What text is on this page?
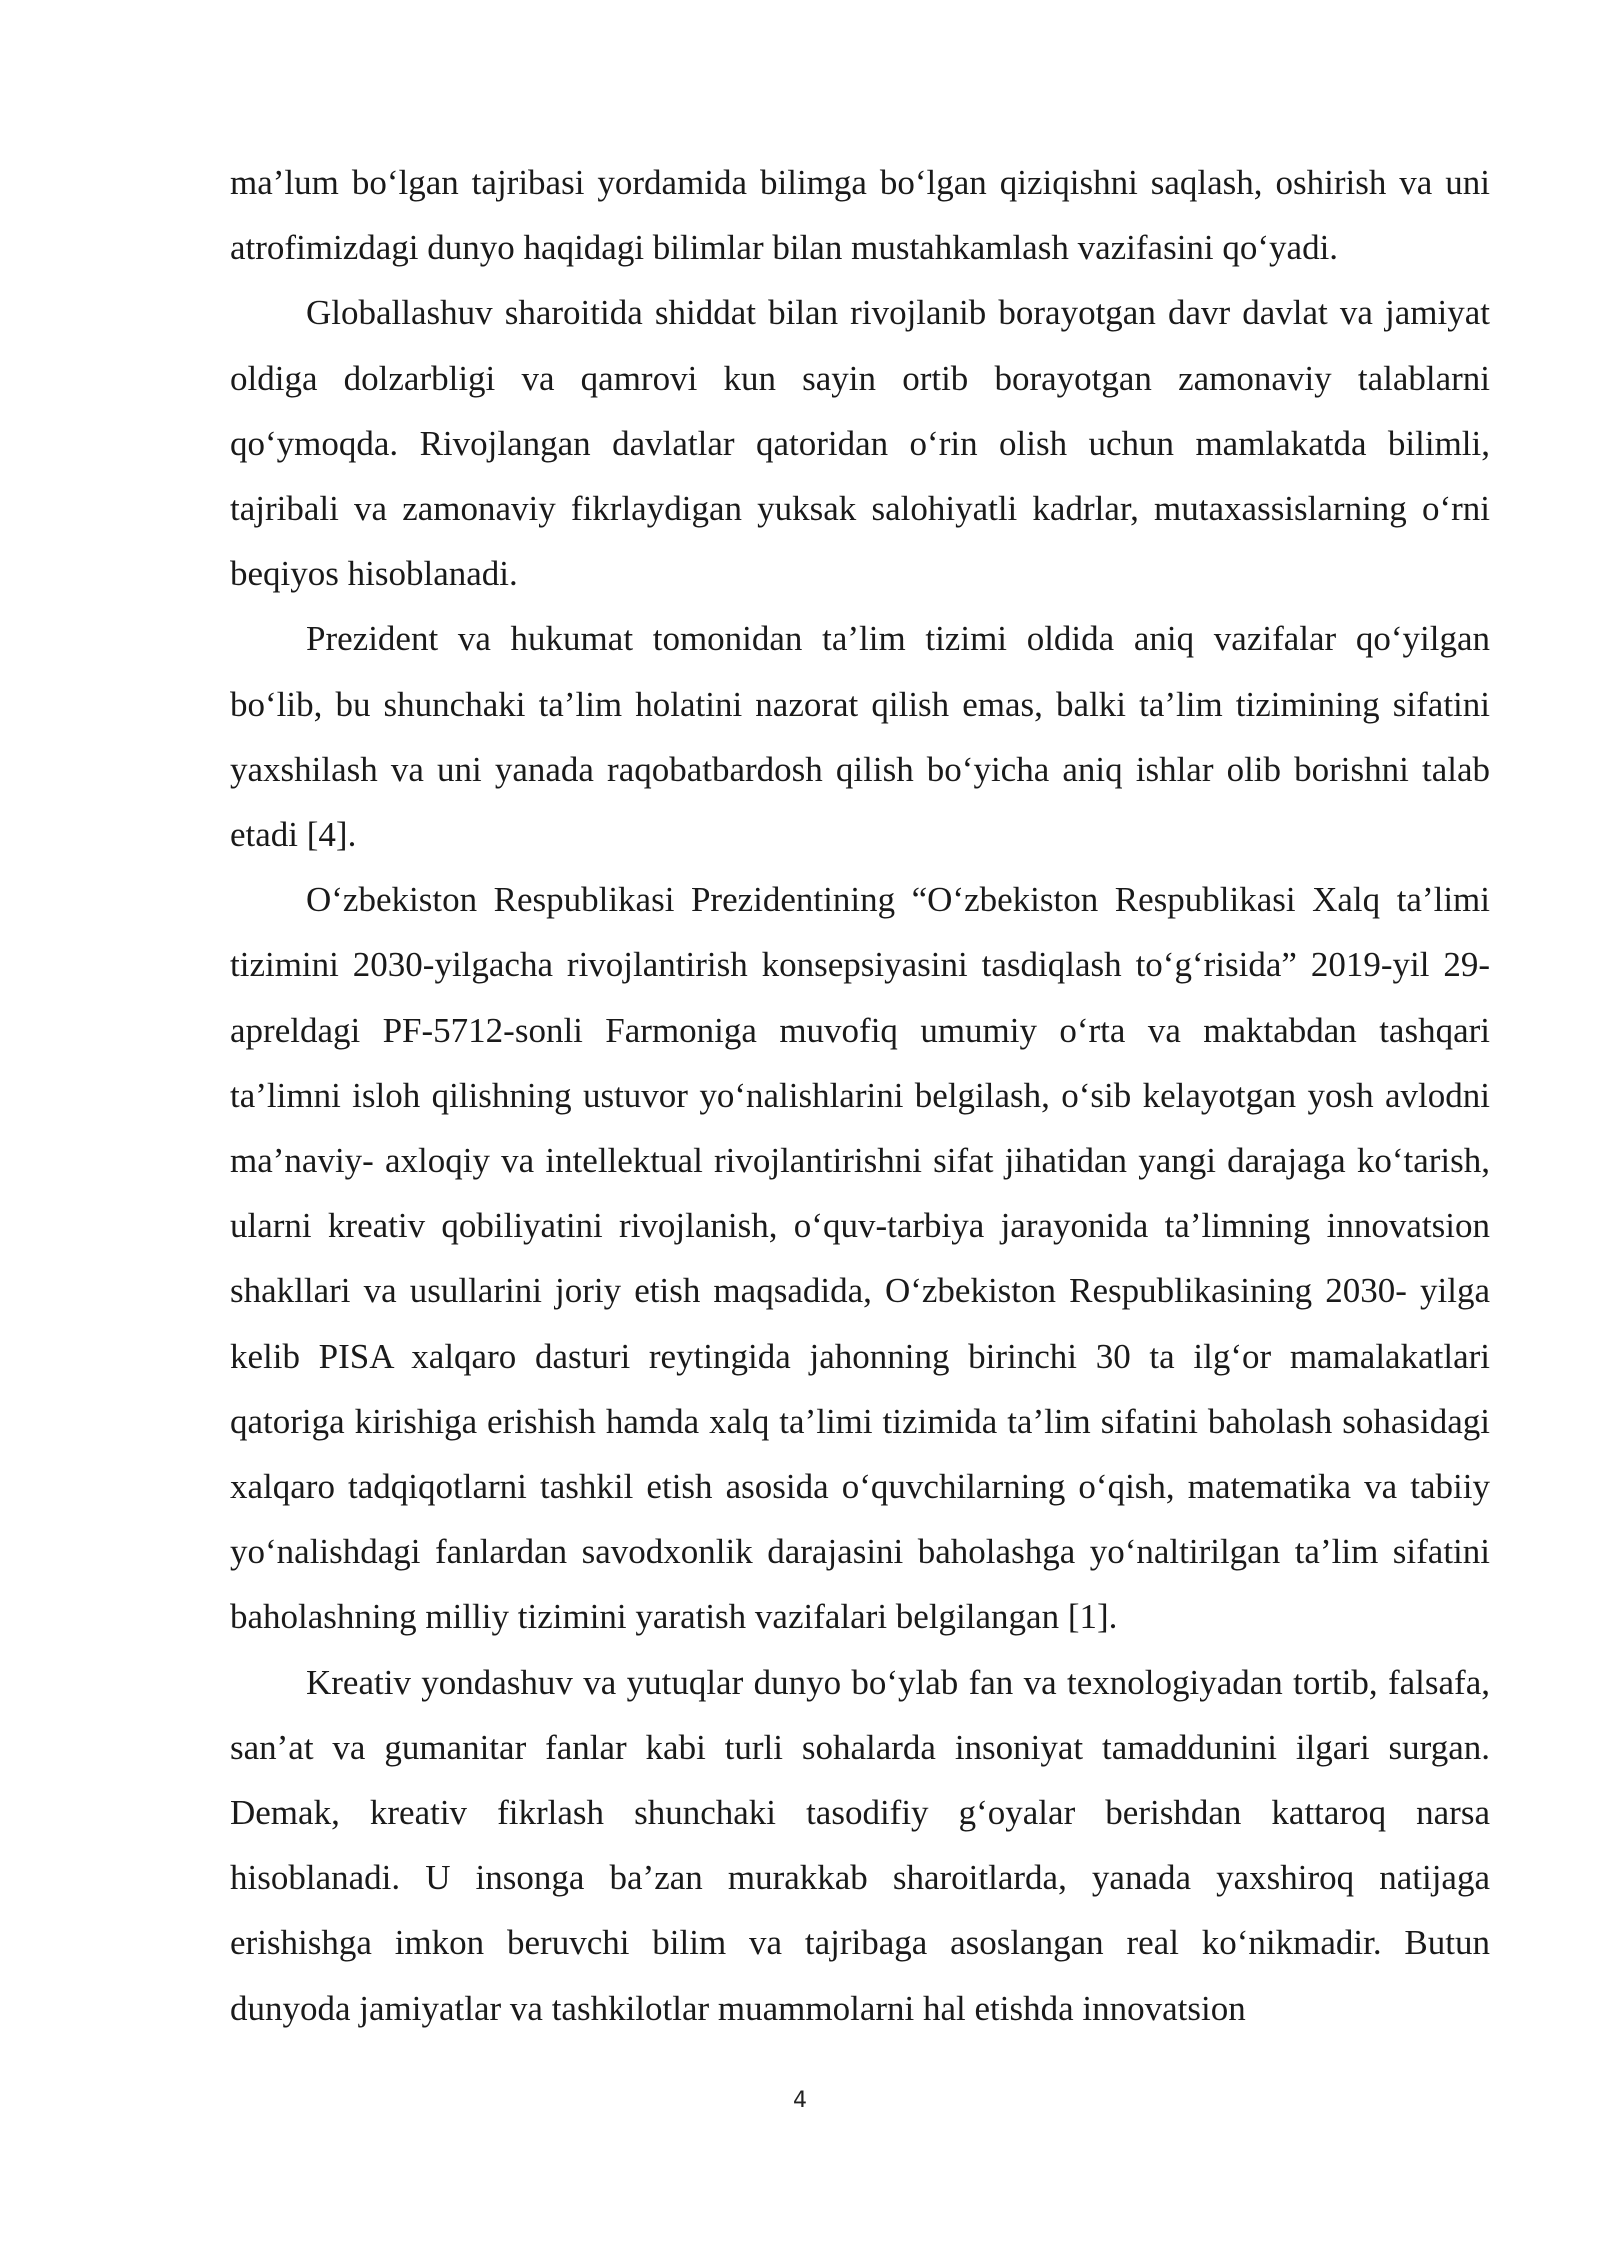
ma’lum bo‘lgan tajribasi yordamida bilimga bo‘lgan qiziqishni saqlash, oshirish va uni atrofimizdagi dunyo haqidagi bilimlar bilan mustahkamlash vazifasini qo‘yadi.

Globallashuv sharoitida shiddat bilan rivojlanib borayotgan davr davlat va jamiyat oldiga dolzarbligi va qamrovi kun sayin ortib borayotgan zamonaviy talablarni qo‘ymoqda. Rivojlangan davlatlar qatoridan o‘rin olish uchun mamlakatda bilimli, tajribali va zamonaviy fikrlaydigan yuksak salohiyatli kadrlar, mutaxassislarning o‘rni beqiyos hisoblanadi.

Prezident va hukumat tomonidan ta’lim tizimi oldida aniq vazifalar qo‘yilgan bo‘lib, bu shunchaki ta’lim holatini nazorat qilish emas, balki ta’lim tizimining sifatini yaxshilash va uni yanada raqobatbardosh qilish bo‘yicha aniq ishlar olib borishni talab etadi [4].

O‘zbekiston Respublikasi Prezidentining “O‘zbekiston Respublikasi Xalq ta’limi tizimini 2030-yilgacha rivojlantirish konsepsiyasini tasdiqlash to‘g‘risida” 2019-yil 29- apreldagi PF-5712-sonli Farmoniga muvofiq umumiy o‘rta va maktabdan tashqari ta’limni isloh qilishning ustuvor yo‘nalishlarini belgilash, o‘sib kelayotgan yosh avlodni ma’naviy- axloqiy va intellektual rivojlantirishni sifat jihatidan yangi darajaga ko‘tarish, ularni kreativ qobiliyatini rivojlanish, o‘quv-tarbiya jarayonida ta’limning innovatsion shakllari va usullarini joriy etish maqsadida, O‘zbekiston Respublikasining 2030- yilga kelib PISA xalqaro dasturi reytingida jahonning birinchi 30 ta ilg‘or mamalakatlari qatoriga kirishiga erishish hamda xalq ta’limi tizimida ta’lim sifatini baholash sohasidagi xalqaro tadqiqotlarni tashkil etish asosida o‘quvchilarning o‘qish, matematika va tabiiy yo‘nalishdagi fanlardan savodxonlik darajasini baholashga yo‘naltirilgan ta’lim sifatini baholashning milliy tizimini yaratish vazifalari belgilangan [1].

Kreativ yondashuv va yutuqlar dunyo bo‘ylab fan va texnologiyadan tortib, falsafa, san’at va gumanitar fanlar kabi turli sohalarda insoniyat tamaddunini ilgari surgan. Demak, kreativ fikrlash shunchaki tasodifiy g‘oyalar berishdan kattaroq narsa hisoblanadi. U insonga ba’zan murakkab sharoitlarda, yanada yaxshiroq natijaga erishishga imkon beruvchi bilim va tajribaga asoslangan real ko‘nikmadir. Butun dunyoda jamiyatlar va tashkilotlar muammolarni hal etishda innovatsion

4
